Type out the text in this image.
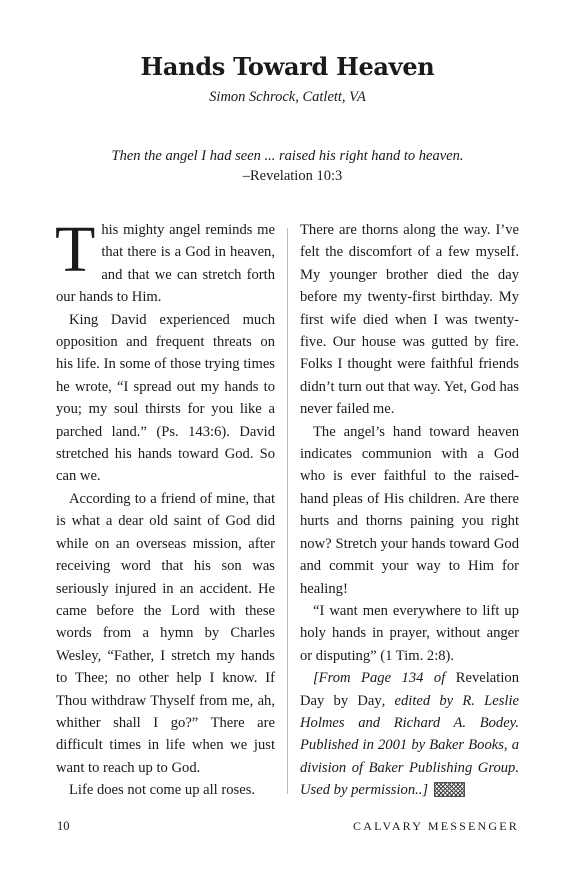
Hands Toward Heaven
Simon Schrock, Catlett, VA
Then the angel I had seen ... raised his right hand to heaven.
–Revelation 10:3

This mighty angel reminds me that there is a God in heaven, and that we can stretch forth our hands to Him.

King David experienced much opposition and frequent threats on his life. In some of those trying times he wrote, “I spread out my hands to you; my soul thirsts for you like a parched land.” (Ps. 143:6). David stretched his hands toward God. So can we.

According to a friend of mine, that is what a dear old saint of God did while on an overseas mission, after receiving word that his son was seriously injured in an accident. He came before the Lord with these words from a hymn by Charles Wesley, “Father, I stretch my hands to Thee; no other help I know. If Thou withdraw Thyself from me, ah, whither shall I go?” There are difficult times in life when we just want to reach up to God.

Life does not come up all roses.

There are thorns along the way. I’ve felt the discomfort of a few myself. My younger brother died the day before my twenty-first birthday. My first wife died when I was twenty-five. Our house was gutted by fire. Folks I thought were faithful friends didn’t turn out that way. Yet, God has never failed me.

The angel’s hand toward heaven indicates communion with a God who is ever faithful to the raised-hand pleas of His children. Are there hurts and thorns paining you right now? Stretch your hands toward God and commit your way to Him for healing!

“I want men everywhere to lift up holy hands in prayer, without anger or disputing” (1 Tim. 2:8).

[From Page 134 of Revelation Day by Day, edited by R. Leslie Holmes and Richard A. Bodey. Published in 2001 by Baker Books, a division of Baker Publishing Group. Used by permission..]

10	CALVARY MESSENGER
